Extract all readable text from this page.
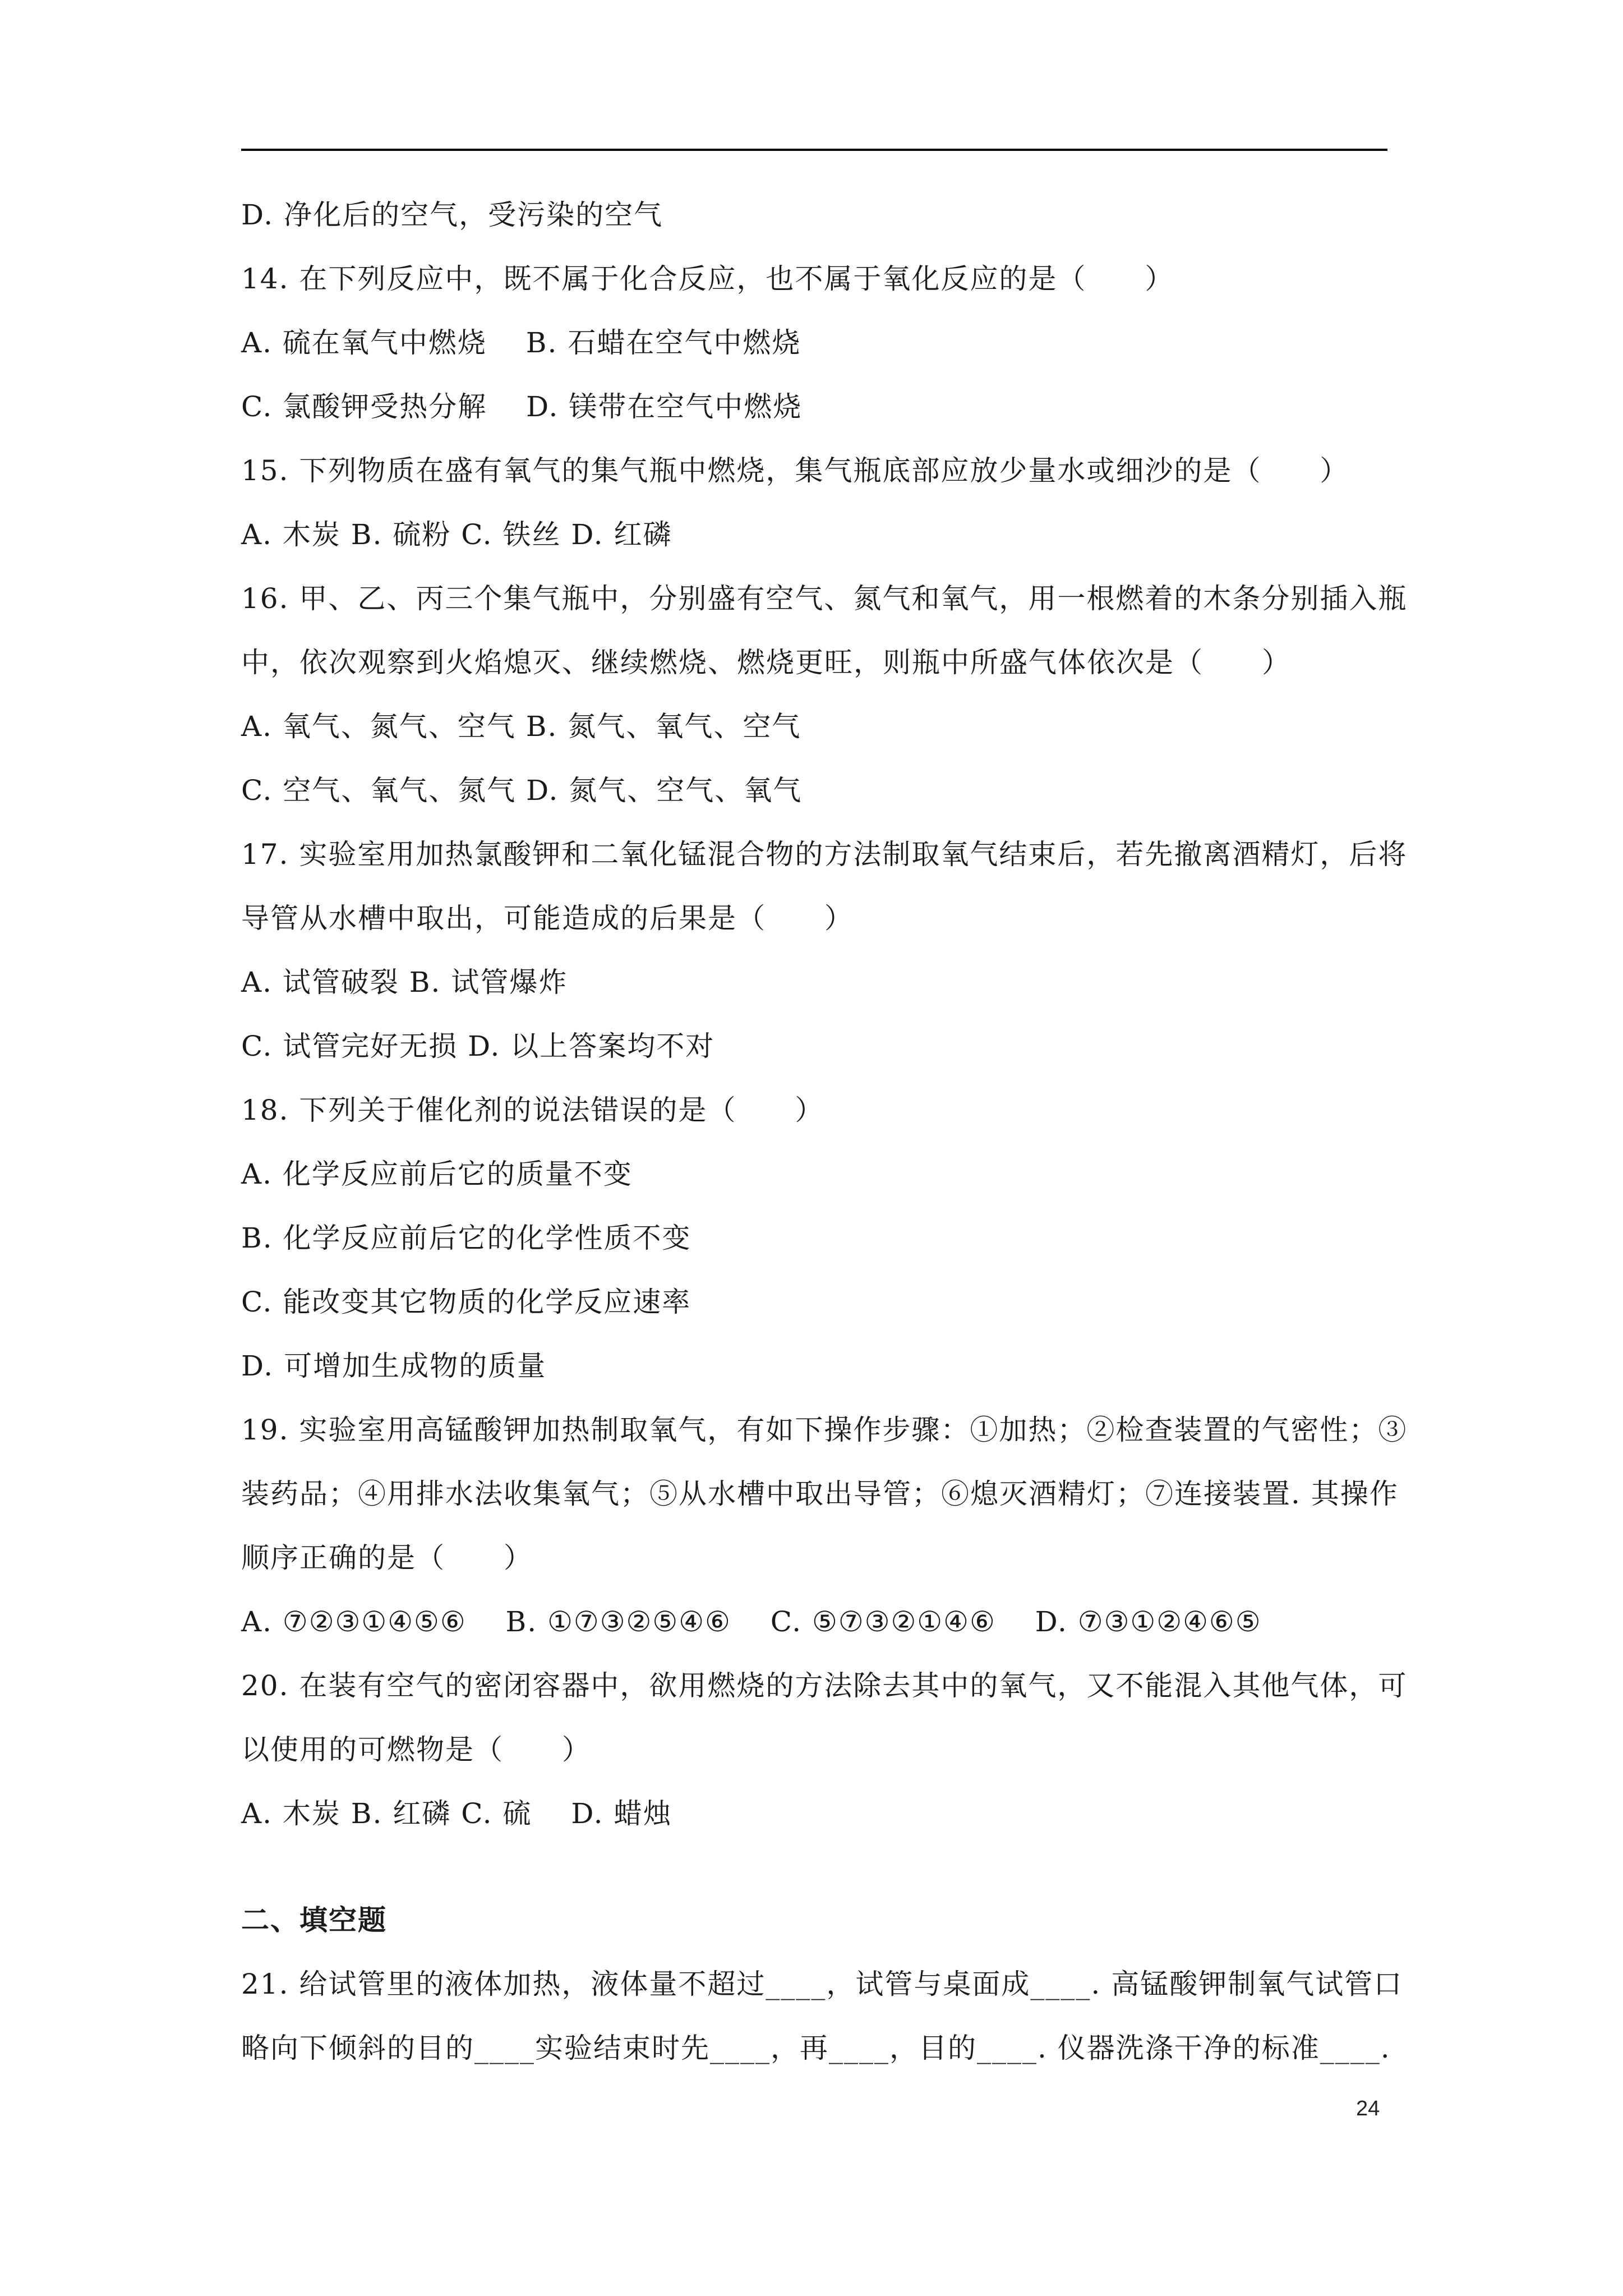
D. 净化后的空气，受污染的空气
14. 在下列反应中，既不属于化合反应，也不属于氧化反应的是（　　）
A. 硫在氧气中燃烧　 B. 石蜡在空气中燃烧
C. 氯酸钾受热分解　 D. 镁带在空气中燃烧
15. 下列物质在盛有氧气的集气瓶中燃烧，集气瓶底部应放少量水或细沙的是（　　）
A. 木炭 B. 硫粉 C. 铁丝 D. 红磷
16. 甲、乙、丙三个集气瓶中，分别盛有空气、氮气和氧气，用一根燃着的木条分别插入瓶
中，依次观察到火焰熄灭、继续燃烧、燃烧更旺，则瓶中所盛气体依次是（　　）
A. 氧气、氮气、空气 B. 氮气、氧气、空气
C. 空气、氧气、氮气 D. 氮气、空气、氧气
17. 实验室用加热氯酸钾和二氧化锰混合物的方法制取氧气结束后，若先撤离酒精灯，后将
导管从水槽中取出，可能造成的后果是（　　）
A. 试管破裂 B. 试管爆炸
C. 试管完好无损 D. 以上答案均不对
18. 下列关于催化剂的说法错误的是（　　）
A. 化学反应前后它的质量不变
B. 化学反应前后它的化学性质不变
C. 能改变其它物质的化学反应速率
D. 可增加生成物的质量
19. 实验室用高锰酸钾加热制取氧气，有如下操作步骤：①加热；②检查装置的气密性；③
装药品；④用排水法收集氧气；⑤从水槽中取出导管；⑥熄灭酒精灯；⑦连接装置. 其操作
顺序正确的是（　　）
A. ⑦②③①④⑤⑥　 B. ①⑦③②⑤④⑥　 C. ⑤⑦③②①④⑥　 D. ⑦③①②④⑥⑤
20. 在装有空气的密闭容器中，欲用燃烧的方法除去其中的氧气，又不能混入其他气体，可
以使用的可燃物是（　　）
A. 木炭 B. 红磷 C. 硫　 D. 蜡烛
二、填空题
21. 给试管里的液体加热，液体量不超过____，试管与桌面成____. 高锰酸钾制氧气试管口
略向下倾斜的目的____实验结束时先____，再____，目的____. 仪器洗涤干净的标准____.
24
